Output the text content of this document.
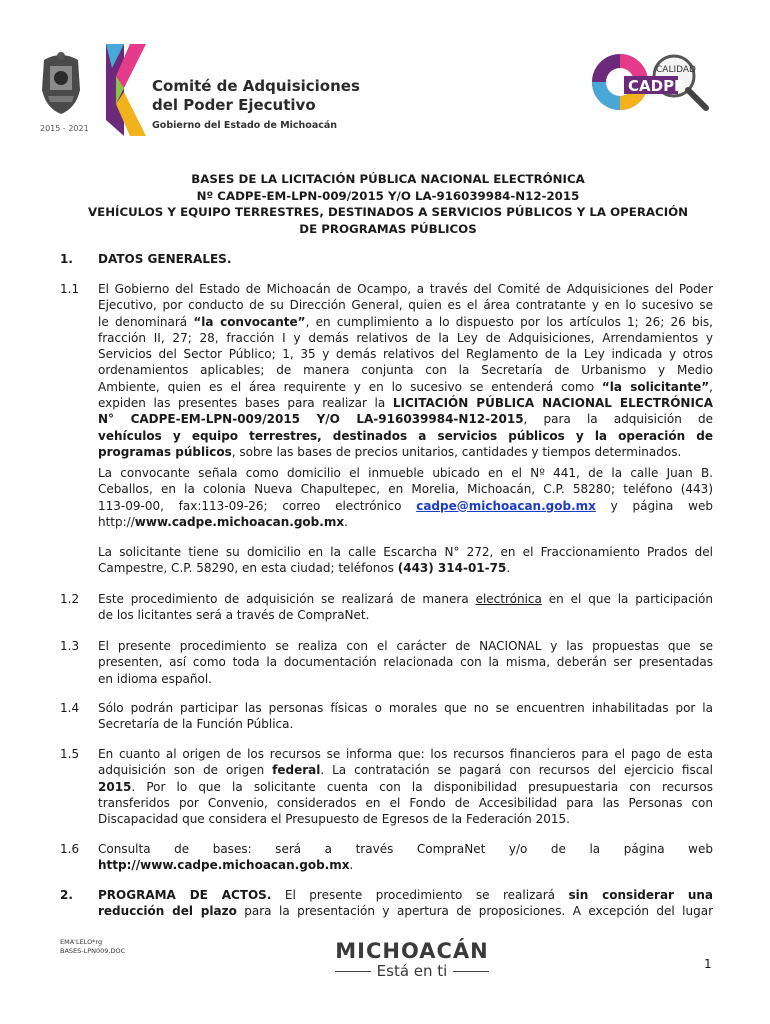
2015 - 2021
Comité de Adquisiciones
del Poder Ejecutivo
Gobierno del Estado de Michoacán
CALIDAD
CADPE
BASES DE LA LICITACIÓN PÚBLICA NACIONAL ELECTRÓNICA
Nº CADPE-EM-LPN-009/2015 Y/O LA-916039984-N12-2015
VEHÍCULOS Y EQUIPO TERRESTRES, DESTINADOS A SERVICIOS PÚBLICOS Y LA OPERACIÓN
DE PROGRAMAS PÚBLICOS
1. DATOS GENERALES.
1.1 El Gobierno del Estado de Michoacán de Ocampo, a través del Comité de Adquisiciones del Poder
Ejecutivo, por conducto de su Dirección General, quien es el área contratante y en lo sucesivo se
le denominará “la convocante”, en cumplimiento a lo dispuesto por los artículos 1; 26; 26 bis,
fracción II, 27; 28, fracción I y demás relativos de la Ley de Adquisiciones, Arrendamientos y
Servicios del Sector Público; 1, 35 y demás relativos del Reglamento de la Ley indicada y otros
ordenamientos aplicables; de manera conjunta con la Secretaría de Urbanismo y Medio
Ambiente, quien es el área requirente y en lo sucesivo se entenderá como “la solicitante”,
expiden las presentes bases para realizar la LICITACIÓN PÚBLICA NACIONAL ELECTRÓNICA
N° CADPE-EM-LPN-009/2015 Y/O LA-916039984-N12-2015, para la adquisición de
vehículos y equipo terrestres, destinados a servicios públicos y la operación de
programas públicos, sobre las bases de precios unitarios, cantidades y tiempos determinados.
La convocante señala como domicilio el inmueble ubicado en el Nº 441, de la calle Juan B.
Ceballos, en la colonia Nueva Chapultepec, en Morelia, Michoacán, C.P. 58280; teléfono (443)
113-09-00, fax:113-09-26; correo electrónico cadpe@michoacan.gob.mx y página web
http://www.cadpe.michoacan.gob.mx.
La solicitante tiene su domicilio en la calle Escarcha N° 272, en el Fraccionamiento Prados del
Campestre, C.P. 58290, en esta ciudad; teléfonos (443) 314-01-75.
1.2 Este procedimiento de adquisición se realizará de manera electrónica en el que la participación
de los licitantes será a través de CompraNet.
1.3 El presente procedimiento se realiza con el carácter de NACIONAL y las propuestas que se
presenten, así como toda la documentación relacionada con la misma, deberán ser presentadas
en idioma español.
1.4 Sólo podrán participar las personas físicas o morales que no se encuentren inhabilitadas por la
Secretaría de la Función Pública.
1.5 En cuanto al origen de los recursos se informa que: los recursos financieros para el pago de esta
adquisición son de origen federal. La contratación se pagará con recursos del ejercicio fiscal
2015. Por lo que la solicitante cuenta con la disponibilidad presupuestaria con recursos
transferidos por Convenio, considerados en el Fondo de Accesibilidad para las Personas con
Discapacidad que considera el Presupuesto de Egresos de la Federación 2015.
1.6 Consulta de bases: será a través CompraNet y/o de la página web
http://www.cadpe.michoacan.gob.mx.
2. PROGRAMA DE ACTOS. El presente procedimiento se realizará sin considerar una
reducción del plazo para la presentación y apertura de proposiciones. A excepción del lugar
EMA'LELO*rg
BASES-LPN009.DOC	MICHOACÁN
Está en ti	1
